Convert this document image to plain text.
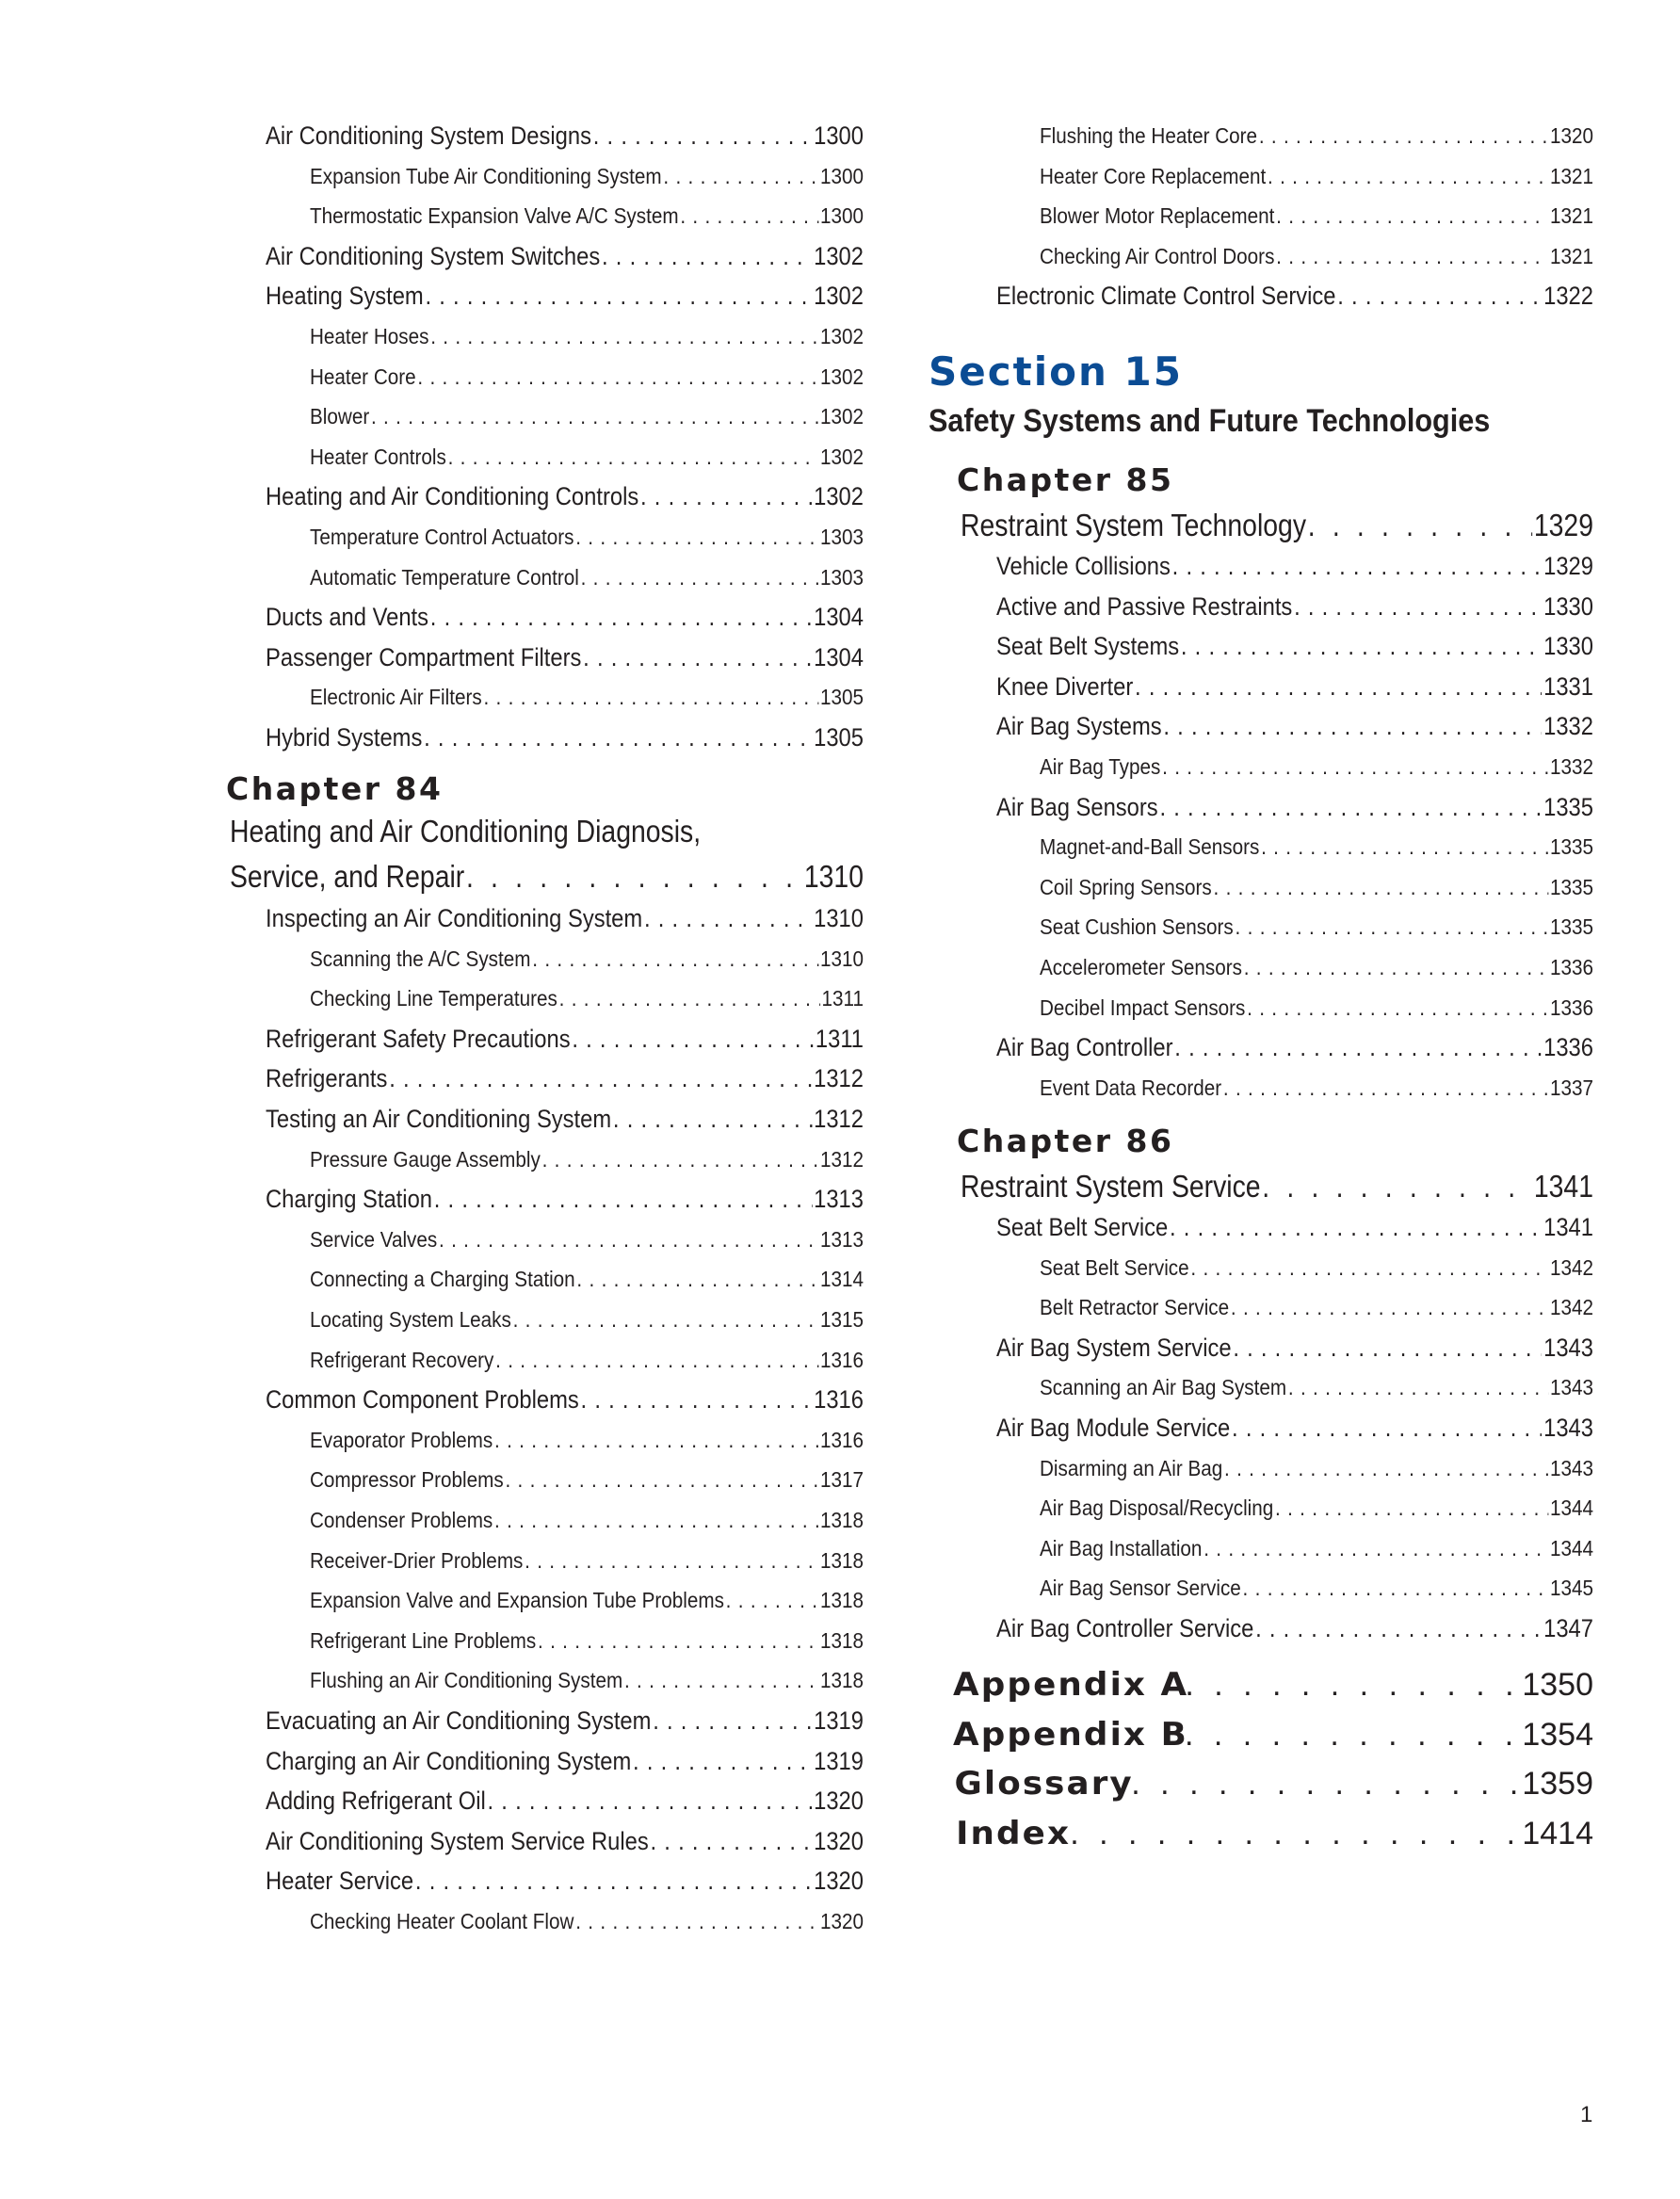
Air Conditioning System Designs . . .	1300
Expansion Tube Air Conditioning System . . .	1300
Thermostatic Expansion Valve A/C System . . .	1300
Air Conditioning System Switches . . .	1302
Heating System . . .	1302
Heater Hoses . . .	1302
Heater Core . . .	1302
Blower . . .	1302
Heater Controls . . .	1302
Heating and Air Conditioning Controls . . .	1302
Temperature Control Actuators . . .	1303
Automatic Temperature Control . . .	1303
Ducts and Vents . . .	1304
Passenger Compartment Filters . . .	1304
Electronic Air Filters . . .	1305
Hybrid Systems . . .	1305
Chapter 84
Heating and Air Conditioning Diagnosis,
Service, and Repair . . .	1310
Inspecting an Air Conditioning System . . .	1310
Scanning the A/C System . . .	1310
Checking Line Temperatures . . .	1311
Refrigerant Safety Precautions . . .	1311
Refrigerants . . .	1312
Testing an Air Conditioning System . . .	1312
Pressure Gauge Assembly . . .	1312
Charging Station . . .	1313
Service Valves . . .	1313
Connecting a Charging Station . . .	1314
Locating System Leaks . . .	1315
Refrigerant Recovery . . .	1316
Common Component Problems . . .	1316
Evaporator Problems . . .	1316
Compressor Problems . . .	1317
Condenser Problems . . .	1318
Receiver-Drier Problems . . .	1318
Expansion Valve and Expansion Tube Problems . . .	1318
Refrigerant Line Problems . . .	1318
Flushing an Air Conditioning System . . .	1318
Evacuating an Air Conditioning System . . .	1319
Charging an Air Conditioning System . . .	1319
Adding Refrigerant Oil . . .	1320
Air Conditioning System Service Rules . . .	1320
Heater Service . . .	1320
Checking Heater Coolant Flow . . .	1320
Flushing the Heater Core . . .	1320
Heater Core Replacement . . .	1321
Blower Motor Replacement . . .	1321
Checking Air Control Doors . . .	1321
Electronic Climate Control Service . . .	1322
Section 15
Safety Systems and Future Technologies
Chapter 85
Restraint System Technology . . .	1329
Vehicle Collisions . . .	1329
Active and Passive Restraints . . .	1330
Seat Belt Systems . . .	1330
Knee Diverter . . .	1331
Air Bag Systems . . .	1332
Air Bag Types . . .	1332
Air Bag Sensors . . .	1335
Magnet-and-Ball Sensors . . .	1335
Coil Spring Sensors . . .	1335
Seat Cushion Sensors . . .	1335
Accelerometer Sensors . . .	1336
Decibel Impact Sensors . . .	1336
Air Bag Controller . . .	1336
Event Data Recorder . . .	1337
Chapter 86
Restraint System Service . . .	1341
Seat Belt Service . . .	1341
Seat Belt Service . . .	1342
Belt Retractor Service . . .	1342
Air Bag System Service . . .	1343
Scanning an Air Bag System . . .	1343
Air Bag Module Service . . .	1343
Disarming an Air Bag . . .	1343
Air Bag Disposal/Recycling . . .	1344
Air Bag Installation . . .	1344
Air Bag Sensor Service . . .	1345
Air Bag Controller Service . . .	1347
Appendix A . . .	1350
Appendix B . . .	1354
Glossary . . .	1359
Index . . .	1414
1
